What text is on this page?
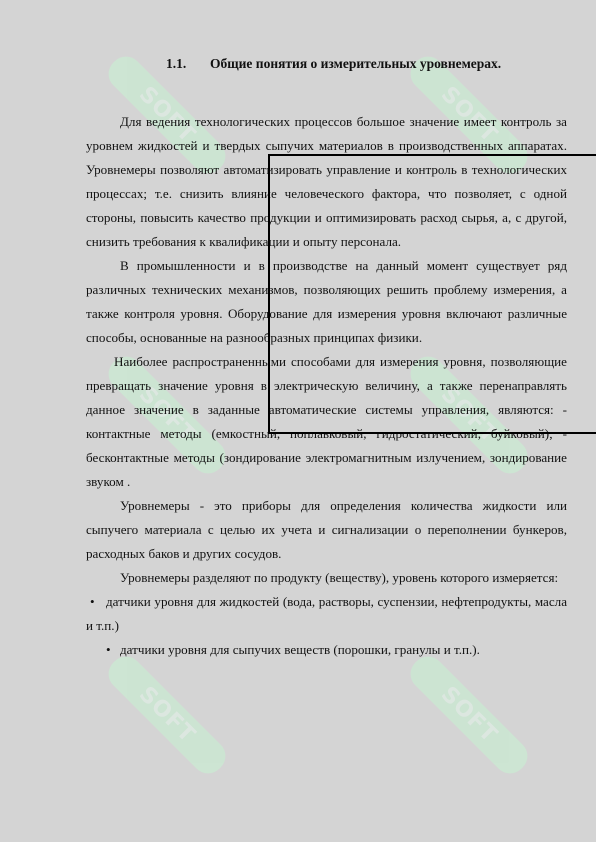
SOFT	SOFT
SOFT	SOFT
SOFT	SOFT
1.1. Общие понятия о измерительных уровнемерах.

Для ведения технологических процессов большое значение имеет контроль за уровнем жидкостей и твердых сыпучих материалов в производственных аппаратах. Уровнемеры позволяют автоматизировать управление и контроль в технологических процессах; т.е. снизить влияние человеческого фактора, что позволяет, с одной стороны, повысить качество продукции и оптимизировать расход сырья, а, с другой, снизить требования к квалификации и опыту персонала.

В промышленности и в производстве на данный момент существует ряд различных технических механизмов, позволяющих решить проблему измерения, а также контроля уровня. Оборудование для измерения уровня включают различные способы, основанные на разнообразных принципах физики.

Наиболее распространенными способами для измерения уровня, позволяющие превращать значение уровня в электрическую величину, а также перенаправлять данное значение в заданные автоматические системы управления, являются: - контактные методы (емкостный, поплавковый, гидростатический, буйковый); - бесконтактные методы (зондирование электромагнитным излучением, зондирование звуком .

Уровнемеры - это приборы для определения количества жидкости или сыпучего материала с целью их учета и сигнализации о переполнении бункеров, расходных баков и других сосудов.

Уровнемеры разделяют по продукту (веществу), уровень которого измеряется:

• датчики уровня для жидкостей (вода, растворы, суспензии, нефтепродукты, масла и т.п.)

• датчики уровня для сыпучих веществ (порошки, гранулы и т.п.).
